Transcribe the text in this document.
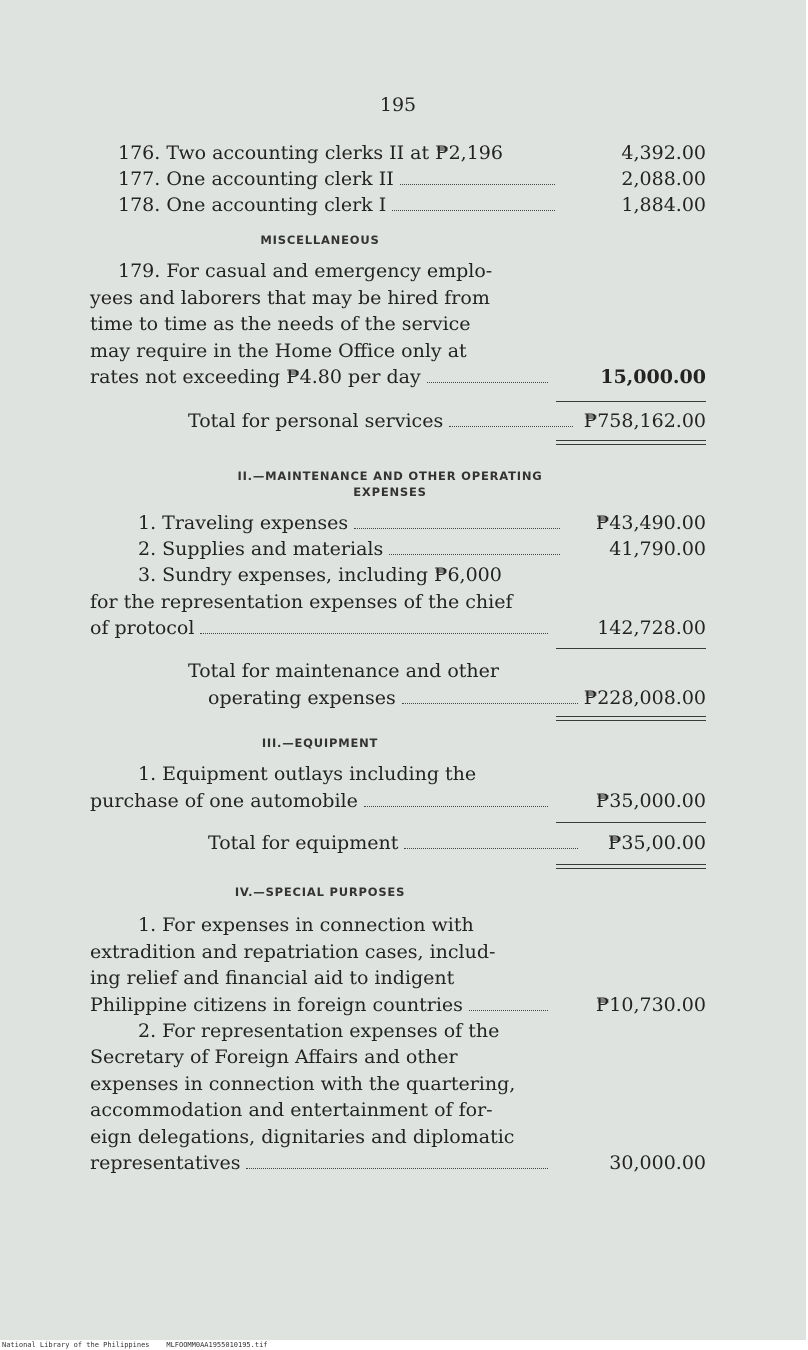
195
176. Two accounting clerks II at ₱2,196	4,392.00
177. One accounting clerk II	2,088.00
178. One accounting clerk I	1,884.00
MISCELLANEOUS
179. For casual and emergency emplo-
yees and laborers that may be hired from
time to time as the needs of the service
may require in the Home Office only at
rates not exceeding ₱4.80 per day	15,000.00
Total for personal services	₱758,162.00
II.—MAINTENANCE AND OTHER OPERATING
EXPENSES
1. Traveling expenses	₱43,490.00
2. Supplies and materials	41,790.00
3. Sundry expenses, including ₱6,000
for the representation expenses of the chief
of protocol	142,728.00
Total for maintenance and other
operating expenses	₱228,008.00
III.—EQUIPMENT
1. Equipment outlays including the
purchase of one automobile	₱35,000.00
Total for equipment	₱35,00.00
IV.—SPECIAL PURPOSES
1. For expenses in connection with
extradition and repatriation cases, includ-
ing relief and financial aid to indigent
Philippine citizens in foreign countries	₱10,730.00
2. For representation expenses of the
Secretary of Foreign Affairs and other
expenses in connection with the quartering,
accommodation and entertainment of for-
eign delegations, dignitaries and diplomatic
representatives	30,000.00
National Library of the Philippines    MLFOOMM0AA1955010195.tif
